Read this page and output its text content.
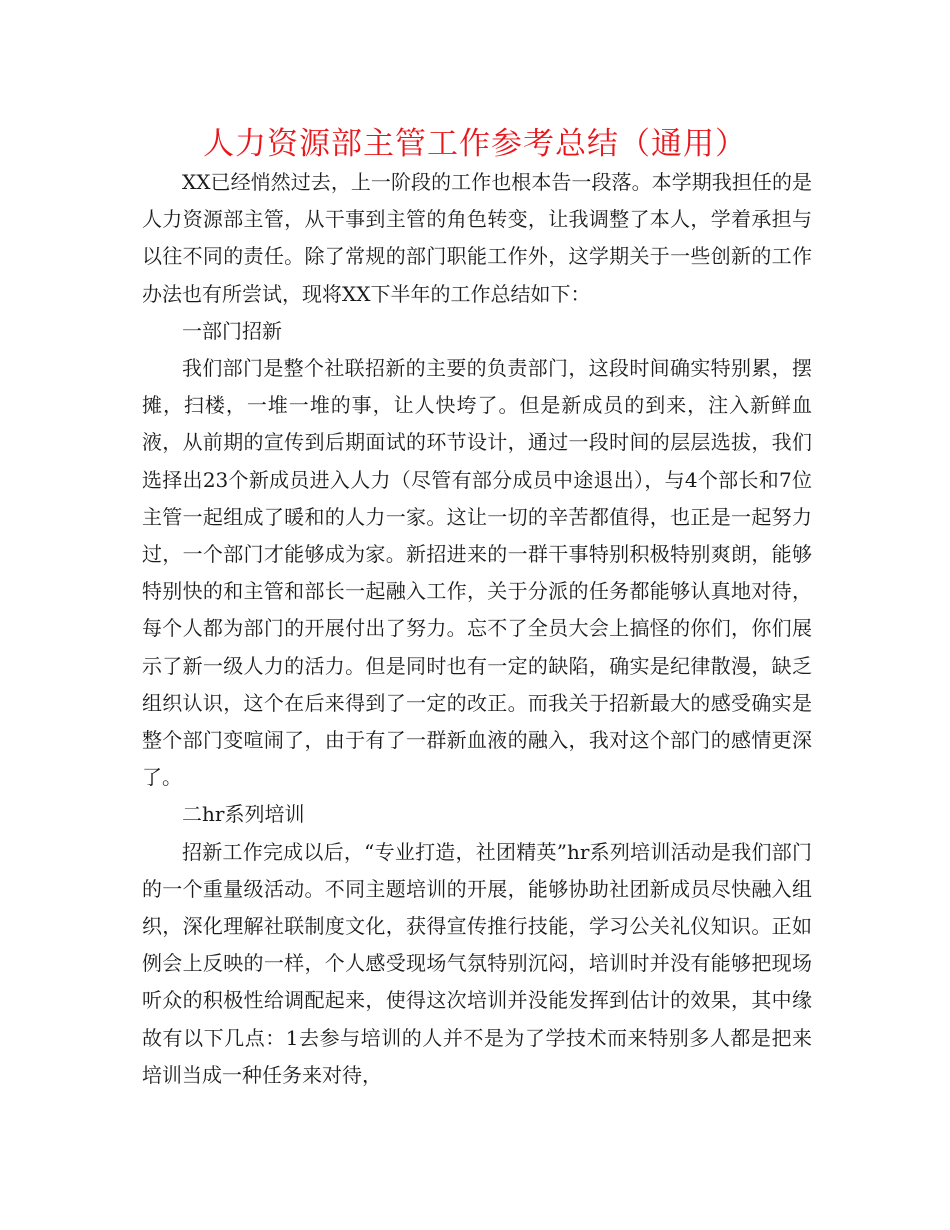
人力资源部主管工作参考总结（通用）

XX已经悄然过去，上一阶段的工作也根本告一段落。本学期我担任的是人力资源部主管，从干事到主管的角色转变，让我调整了本人，学着承担与以往不同的责任。除了常规的部门职能工作外，这学期关于一些创新的工作办法也有所尝试，现将XX下半年的工作总结如下：

一部门招新

我们部门是整个社联招新的主要的负责部门，这段时间确实特别累，摆摊，扫楼，一堆一堆的事，让人快垮了。但是新成员的到来，注入新鲜血液，从前期的宣传到后期面试的环节设计，通过一段时间的层层选拔，我们选择出23个新成员进入人力（尽管有部分成员中途退出），与4个部长和7位主管一起组成了暖和的人力一家。这让一切的辛苦都值得，也正是一起努力过，一个部门才能够成为家。新招进来的一群干事特别积极特别爽朗，能够特别快的和主管和部长一起融入工作，关于分派的任务都能够认真地对待，每个人都为部门的开展付出了努力。忘不了全员大会上搞怪的你们，你们展示了新一级人力的活力。但是同时也有一定的缺陷，确实是纪律散漫，缺乏组织认识，这个在后来得到了一定的改正。而我关于招新最大的感受确实是整个部门变喧闹了，由于有了一群新血液的融入，我对这个部门的感情更深了。

二hr系列培训

招新工作完成以后，“专业打造，社团精英”hr系列培训活动是我们部门的一个重量级活动。不同主题培训的开展，能够协助社团新成员尽快融入组织，深化理解社联制度文化，获得宣传推行技能，学习公关礼仪知识。正如例会上反映的一样，个人感受现场气氛特别沉闷，培训时并没有能够把现场听众的积极性给调配起来，使得这次培训并没能发挥到估计的效果，其中缘故有以下几点：1去参与培训的人并不是为了学技术而来特别多人都是把来培训当成一种任务来对待，
